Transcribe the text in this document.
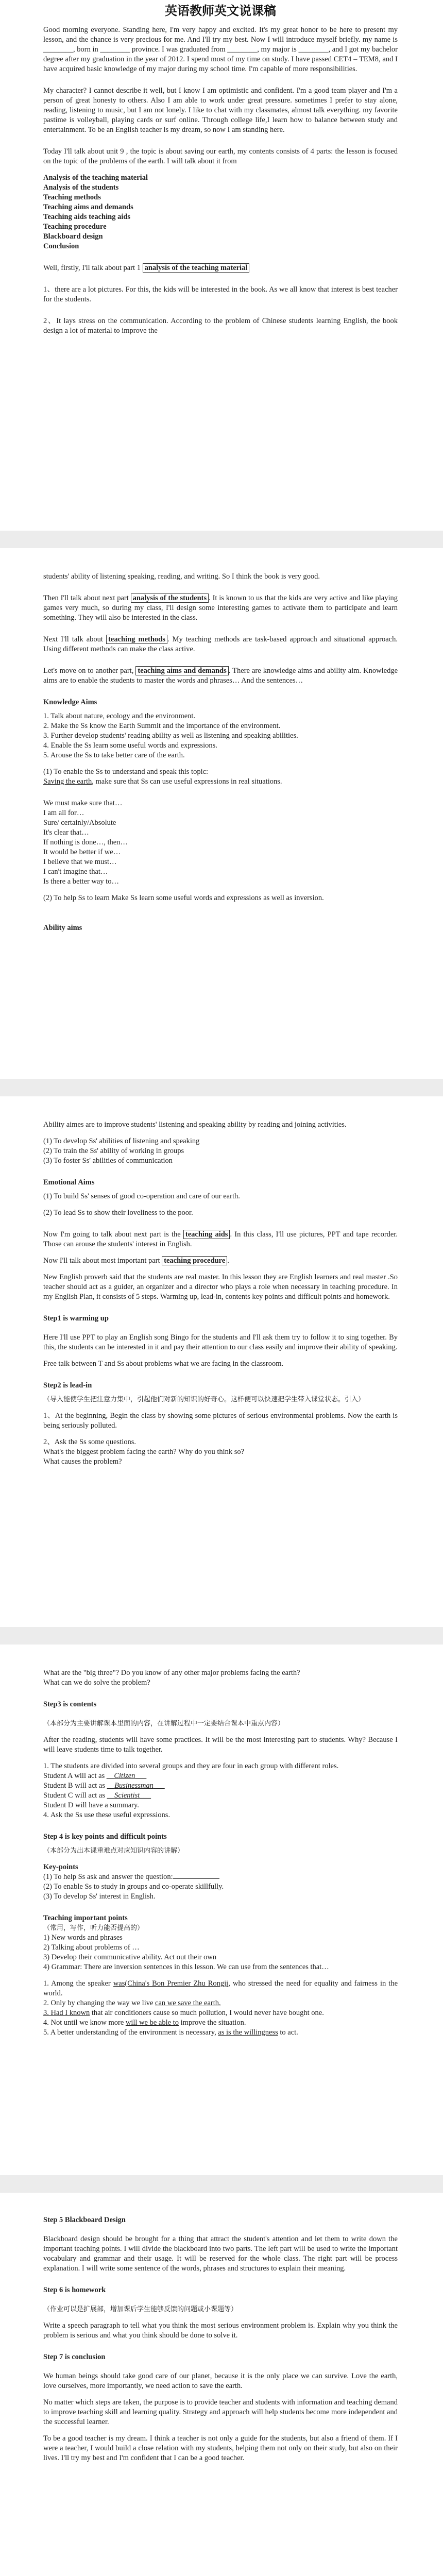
英语教师英文说课稿

Good morning everyone. Standing here, I'm very happy and excited. It's my great honor to be here to present my lesson, and the chance is very precious for me. And I'll try my best. Now I will introduce myself briefly. my name is ________, born in ________ province. I was graduated from ________, my major is ________, and I got my bachelor degree after my graduation in the year of 2012. I spend most of my time on study. I have passed CET4 – TEM8, and I have acquired basic knowledge of my major during my school time. I'm capable of more responsibilities.

My character? I cannot describe it well, but I know I am optimistic and confident. I'm a good team player and I'm a person of great honesty to others. Also I am able to work under great pressure. sometimes I prefer to stay alone, reading, listening to music, but I am not lonely. I like to chat with my classmates, almost talk everything. my favorite pastime is volleyball, playing cards or surf online. Through college life,I learn how to balance between study and entertainment. To be an English teacher is my dream, so now I am standing here.

Today I'll talk about unit 9 , the topic is about saving our earth, my contents consists of 4 parts: the lesson is focused on the topic of the problems of the earth. I will talk about it from

Analysis of the teaching material

Analysis of the students

Teaching methods

Teaching aims and demands

Teaching aids teaching aids

Teaching procedure

Blackboard design

Conclusion

Well, firstly, I'll talk about part 1 analysis of the teaching material

1、there are a lot pictures. For this, the kids will be interested in the book. As we all know that interest is best teacher for the students.

2、It lays stress on the communication. According to the problem of Chinese students learning English, the book design a lot of material to improve the

students' ability of listening speaking, reading, and writing. So I think the book is very good.

Then I'll talk about next part analysis of the students . It is known to us that the kids are very active and like playing games very much, so during my class, I'll design some interesting games to activate them to participate and learn something. They will also be interested in the class.

Next I'll talk about teaching methods . My teaching methods are task-based approach and situational approach. Using different methods can make the class active.

Let's move on to another part, teaching aims and demands . There are knowledge aims and ability aim. Knowledge aims are to enable the students to master the words and phrases… And the sentences…

Knowledge Aims

1. Talk about nature, ecology and the environment.

2. Make the Ss know the Earth Summit and the importance of the environment.

3. Further develop students' reading ability as well as listening and speaking abilities.

4. Enable the Ss learn some useful words and expressions.

5. Arouse the Ss to take better care of the earth.

(1) To enable the Ss to understand and speak this topic:

Saving the earth, make sure that Ss can use useful expressions in real situations.

We must make sure that…

I am all for…

Sure/ certainly/Absolute

It's clear that…

If nothing is done…, then…

It would be better if we…

I believe that we must…

I can't imagine that…

Is there a better way to…

(2) To help Ss to learn Make Ss learn some useful words and expressions as well as inversion.

Ability aims

Ability aimes are to improve students' listening and speaking ability by reading and joining activities.

(1) To develop Ss' abilities of listening and speaking

(2) To train the Ss' ability of working in groups

(3) To foster Ss' abilities of communication

Emotional Aims

(1) To build Ss' senses of good co-operation and care of our earth.

(2) To lead Ss to show their loveliness to the poor.

Now I'm going to talk about next part is the teaching aids . In this class, I'll use pictures, PPT and tape recorder. Those can arouse the students' interest in English.

Now I'll talk about most important part teaching procedure .

New English proverb said that the students are real master. In this lesson they are English learners and real master .So teacher should act as a guider, an organizer and a director who plays a role when necessary in teaching procedure. In my English Plan, it consists of 5 steps. Warming up, lead-in, contents key points and difficult points and homework.

Step1 is warming up

Here I'll use PPT to play an English song Bingo for the students and I'll ask them try to follow it to sing together. By this, the students can be interested in it and pay their attention to our class easily and improve their ability of speaking.

Free talk between T and Ss about problems what we are facing in the classroom.

Step2 is lead-in

（导入能使学生把注意力集中，引起他们对新的知识的好奇心。这样便可以快速把学生带入课堂状态。引入）

1、At the beginning, Begin the class by showing some pictures of serious environmental problems. Now the earth is being seriously polluted.

2、Ask the Ss some questions.

What's the biggest problem facing the earth? Why do you think so?

What causes the problem?

What are the "big three"? Do you know of any other major problems facing the earth?

What can we do solve the problem?

Step3 is contents

（本部分为主要讲解课本里面的内容，在讲解过程中一定要结合课本中重点内容）

After the reading, students will have some practices. It will be the most interesting part to students. Why? Because I will leave students time to talk together.

1. The students are divided into several groups and they are four in each group with different roles.

Student A will act as __Citizen___

Student B will act as __Businessman___

Student C will act as __Scientist___

Student D will have a summary.

4. Ask the Ss use these useful expressions.

Step 4 is key points and difficult points

（本部分为出本课重难点对应知识内容的讲解）

Key-points

(1) To help Ss ask and answer the question:

(2) To enable Ss to study in groups and co-operate skillfully.

(3) To develop Ss' interest in English.

Teaching important points

（常用，写作，听力能否提高的）

1) New words and phrases

2) Talking about problems of …

3) Develop their communicative ability. Act out their own

4) Grammar: There are inversion sentences in this lesson. We can use from the sentences that…

1. Among the speaker was(China's Bon Premier Zhu Rongji, who stressed the need for equality and fairness in the world.

2. Only by changing the way we live can we save the earth.

3. Had I known that air conditioners cause so much pollution, I would never have bought one.

4. Not until we know more will we be able to improve the situation.

5. A better understanding of the environment is necessary, as is the willingness to act.

Step 5 Blackboard Design

Blackboard design should be brought for a thing that attract the student's attention and let them to write down the important teaching points. I will divide the blackboard into two parts. The left part will be used to write the important vocabulary and grammar and their usage. It will be reserved for the whole class. The right part will be process explanation. I will write some sentence of the words, phrases and structures to explain their meaning.

Step 6 is homework

（作业可以是扩展部，增加课后学生能够反馈的问题或小课题等）

Write a speech paragraph to tell what you think the most serious environment problem is. Explain why you think the problem is serious and what you think should be done to solve it.

Step 7 is conclusion

We human beings should take good care of our planet, because it is the only place we can survive. Love the earth, love ourselves, more importantly, we need action to save the earth.

No matter which steps are taken, the purpose is to provide teacher and students with information and teaching demand to improve teaching skill and learning quality. Strategy and approach will help students become more independent and the successful learner.

To be a good teacher is my dream. I think a teacher is not only a guide for the students, but also a friend of them. If I were a teacher, I would build a close relation with my students, helping them not only on their study, but also on their lives. I'll try my best and I'm confident that I can be a good teacher.
